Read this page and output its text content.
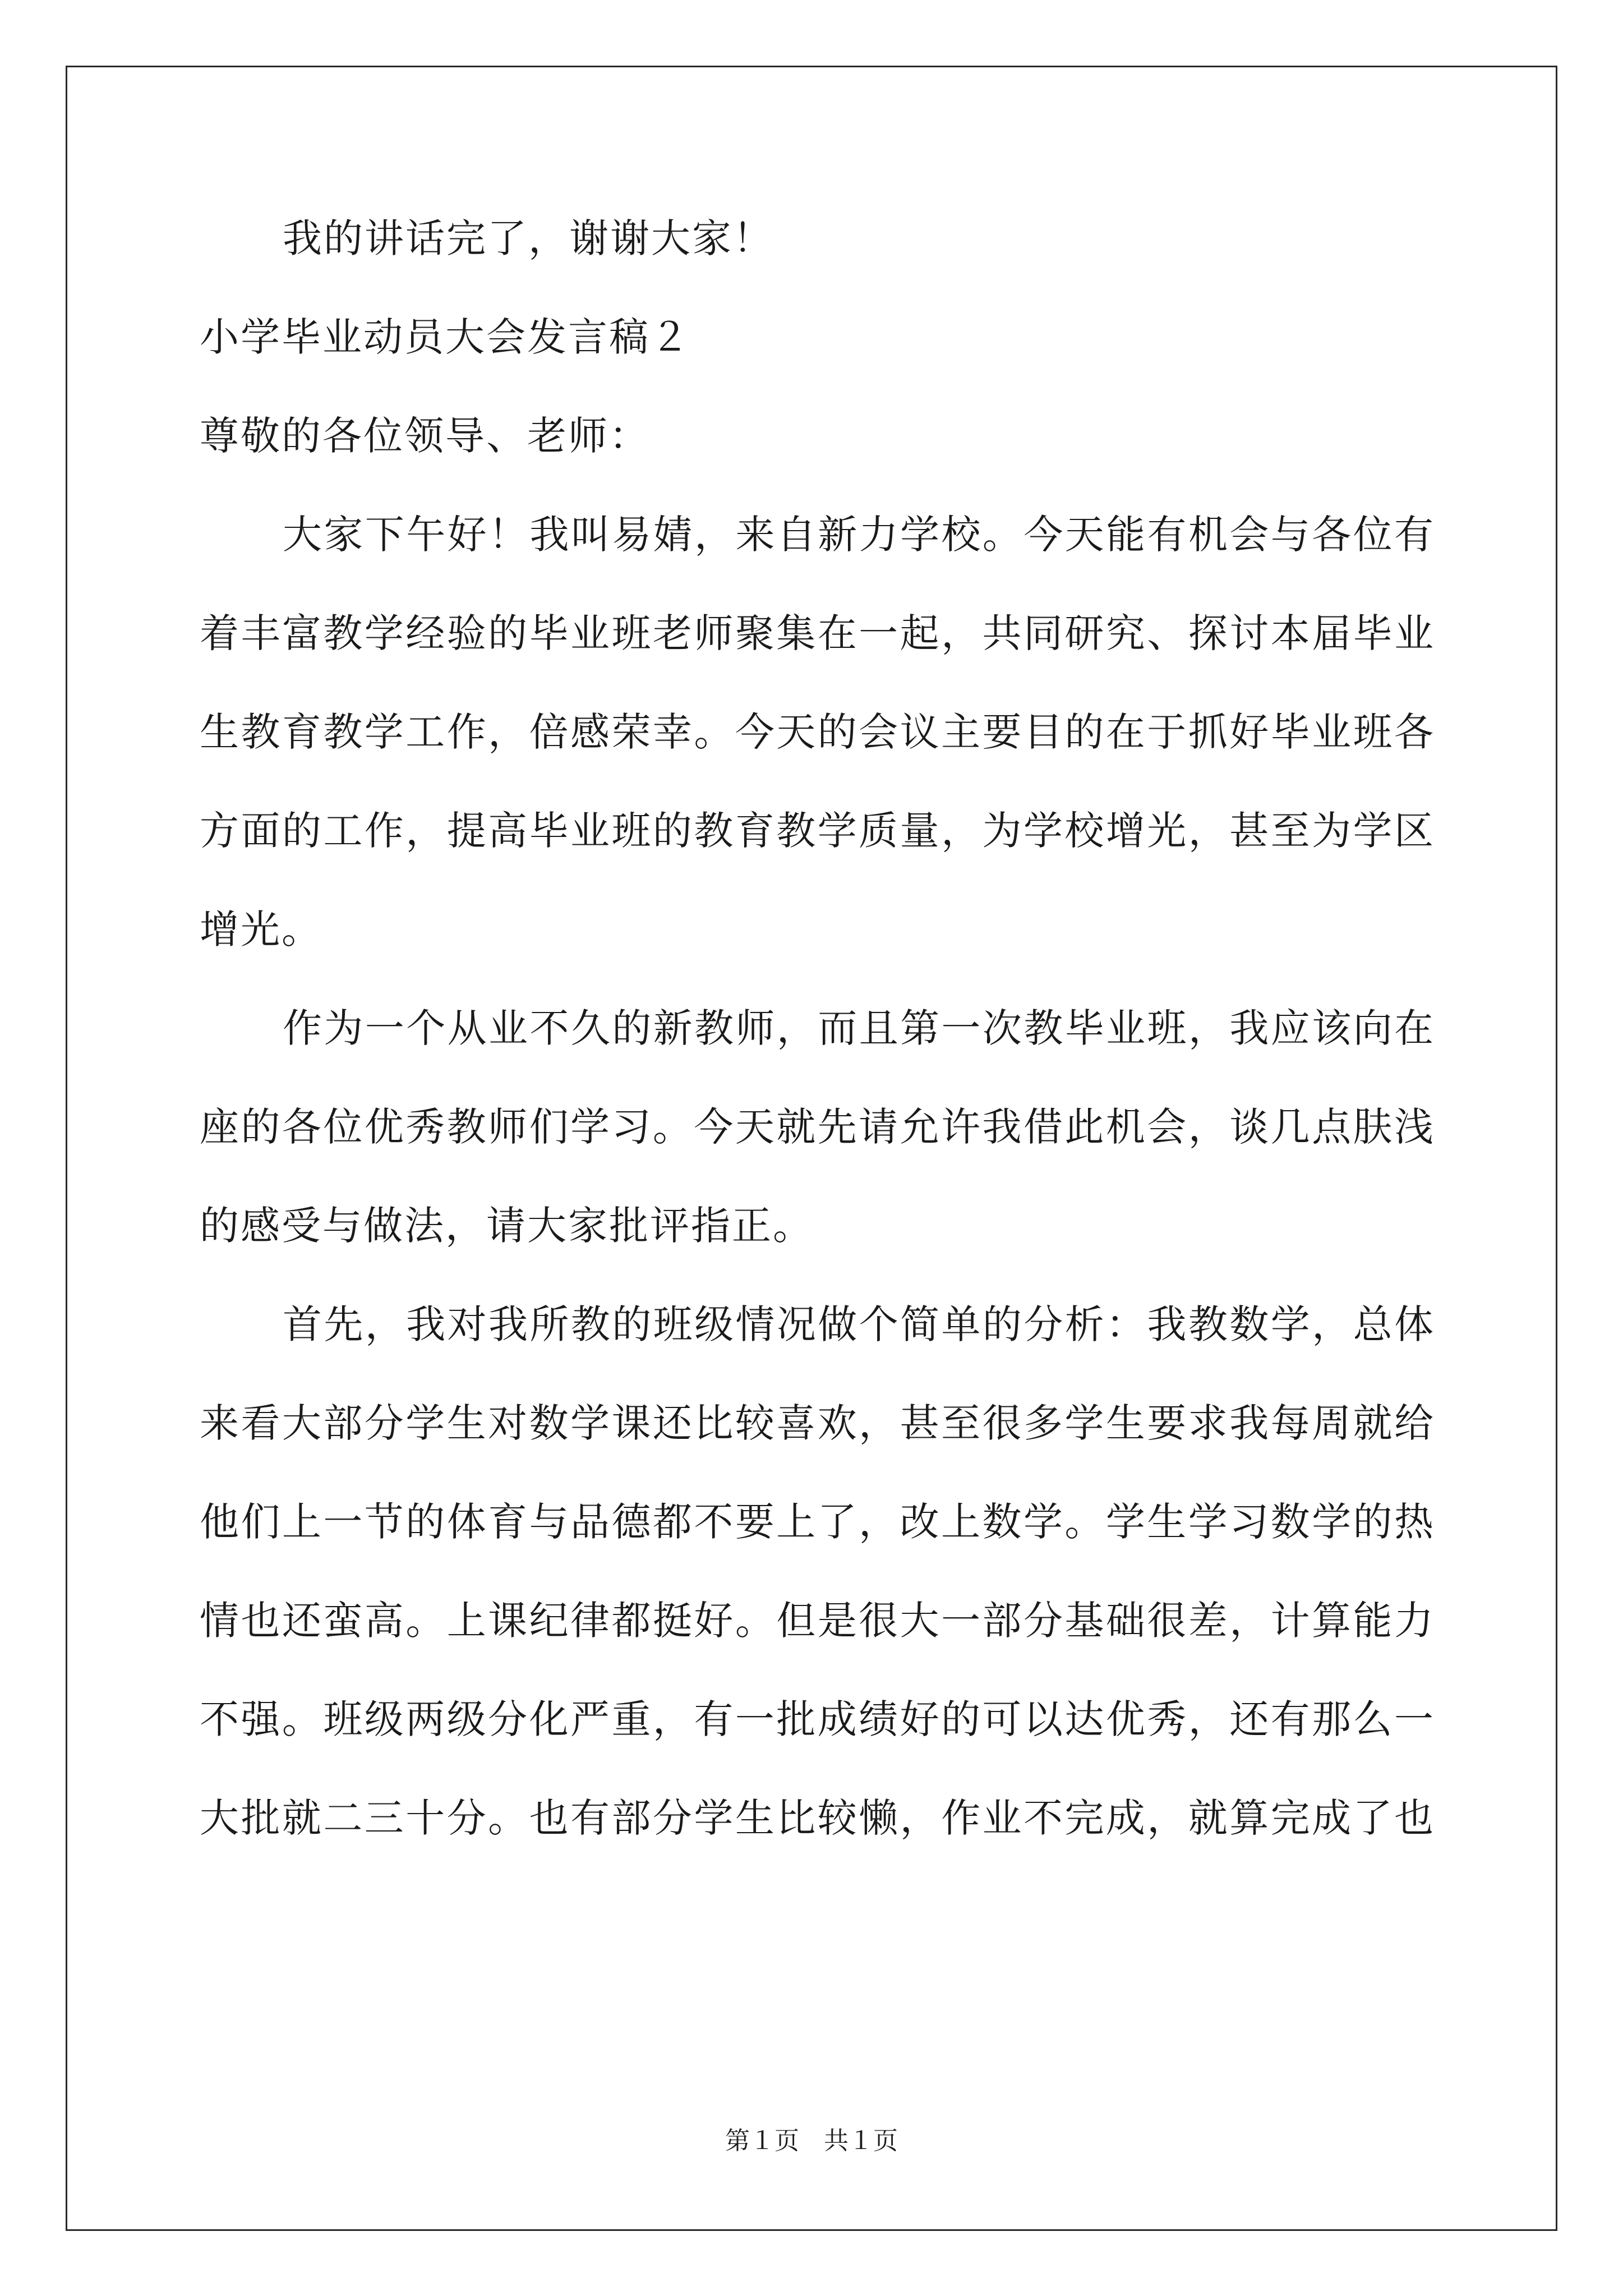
我的讲话完了，谢谢大家！
小学毕业动员大会发言稿２
尊敬的各位领导、老师：
大家下午好！我叫易婧，来自新力学校。今天能有机会与各位有
着丰富教学经验的毕业班老师聚集在一起，共同研究、探讨本届毕业
生教育教学工作，倍感荣幸。今天的会议主要目的在于抓好毕业班各
方面的工作，提高毕业班的教育教学质量，为学校增光，甚至为学区
增光。
作为一个从业不久的新教师，而且第一次教毕业班，我应该向在
座的各位优秀教师们学习。今天就先请允许我借此机会，谈几点肤浅
的感受与做法，请大家批评指正。
首先，我对我所教的班级情况做个简单的分析：我教数学，总体
来看大部分学生对数学课还比较喜欢，甚至很多学生要求我每周就给
他们上一节的体育与品德都不要上了，改上数学。学生学习数学的热
情也还蛮高。上课纪律都挺好。但是很大一部分基础很差，计算能力
不强。班级两级分化严重，有一批成绩好的可以达优秀，还有那么一
大批就二三十分。也有部分学生比较懒，作业不完成，就算完成了也
第１页　共１页
